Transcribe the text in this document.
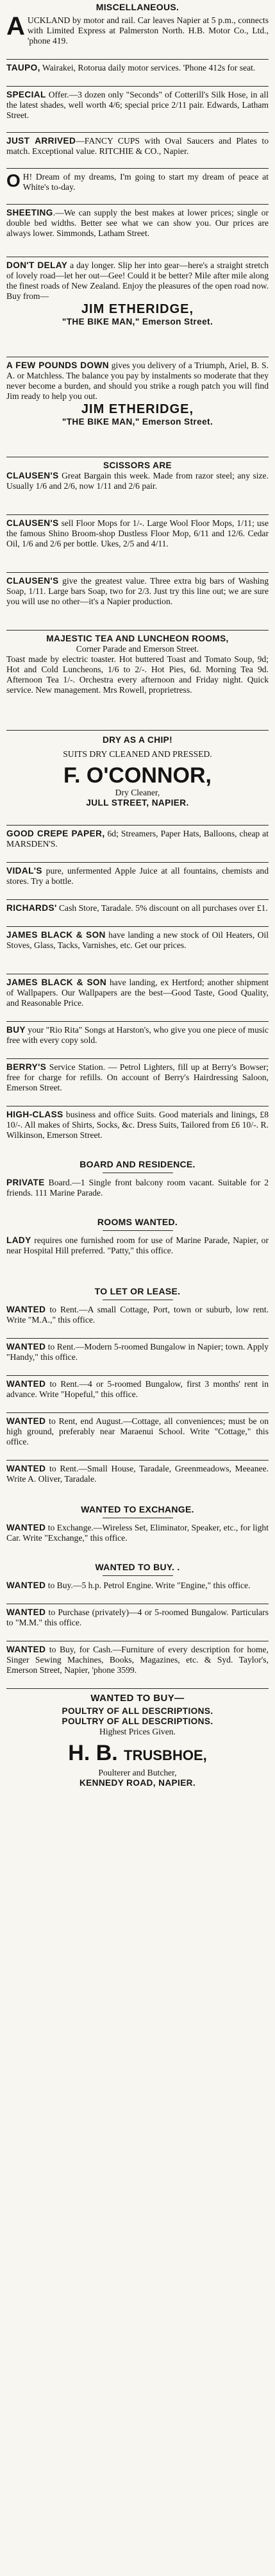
MISCELLANEOUS.
A UCKLAND by motor and rail. Car leaves Napier at 5 p.m., connects with Limited Express at Palmerston North. H.B. Motor Co., Ltd., 'phone 419.

TAUPO, Wairakei, Rotorua daily motor services. 'Phone 412s for seat.

SPECIAL Offer.—3 dozen only "Seconds" of Cotterill's Silk Hose, in all the latest shades, well worth 4/6; special price 2/11 pair. Edwards, Latham Street.

JUST ARRIVED—FANCY CUPS with Oval Saucers and Plates to match. Exceptional value. RITCHIE & CO., Napier.

O H! Dream of my dreams, I'm going to start my dream of peace at White's to-day.

SHEETING.—We can supply the best makes at lower prices; single or double bed widths. Better see what we can show you. Our prices are always lower. Simmonds, Latham Street.

DON'T DELAY a day longer. Slip her into gear—here's a straight stretch of lovely road—let her out—Gee! Could it be better? Mile after mile along the finest roads of New Zealand. Enjoy the pleasures of the open road now. Buy from—

JIM ETHERIDGE,

"THE BIKE MAN," Emerson Street.

A FEW POUNDS DOWN gives you delivery of a Triumph, Ariel, B. S. A. or Matchless. The balance you pay by instalments so moderate that they never become a burden, and should you strike a rough patch you will find Jim ready to help you out.

JIM ETHERIDGE,

"THE BIKE MAN," Emerson Street.

SCISSORS ARE

CLAUSEN'S Great Bargain this week. Made from razor steel; any size. Usually 1/6 and 2/6, now 1/11 and 2/6 pair.

CLAUSEN'S sell Floor Mops for 1/-. Large Wool Floor Mops, 1/11; use the famous Shino Broom-shop Dustless Floor Mop, 6/11 and 12/6. Cedar Oil, 1/6 and 2/6 per bottle. Ukes, 2/5 and 4/11.

CLAUSEN'S give the greatest value. Three extra big bars of Washing Soap, 1/11. Large bars Soap, two for 2/3. Just try this line out; we are sure you will use no other—it's a Napier production.

MAJESTIC TEA AND LUNCHEON ROOMS,

Corner Parade and Emerson Street.

Toast made by electric toaster. Hot buttered Toast and Tomato Soup, 9d; Hot and Cold Luncheons, 1/6 to 2/-. Hot Pies, 6d. Morning Tea 9d. Afternoon Tea 1/-. Orchestra every afternoon and Friday night. Quick service. New management. Mrs Rowell, proprietress.

DRY AS A CHIP!

SUITS DRY CLEANED AND PRESSED.

F. O'CONNOR,

Dry Cleaner,

JULL STREET, NAPIER.

GOOD CREPE PAPER, 6d; Streamers, Paper Hats, Balloons, cheap at MARSDEN'S.

VIDAL'S pure, unfermented Apple Juice at all fountains, chemists and stores. Try a bottle.

RICHARDS' Cash Store, Taradale. 5% discount on all purchases over £1.

JAMES BLACK & SON have landing a new stock of Oil Heaters, Oil Stoves, Glass, Tacks, Varnishes, etc. Get our prices.

JAMES BLACK & SON have landing, ex Hertford; another shipment of Wallpapers. Our Wallpapers are the best—Good Taste, Good Quality, and Reasonable Price.

BUY your "Rio Rita" Songs at Harston's, who give you one piece of music free with every copy sold.

BERRY'S Service Station. — Petrol Lighters, fill up at Berry's Bowser; free for charge for refills. On account of Berry's Hairdressing Saloon, Emerson Street.

HIGH-CLASS business and office Suits. Good materials and linings, £8 10/-. All makes of Shirts, Socks, &c. Dress Suits, Tailored from £6 10/-. R. Wilkinson, Emerson Street.

BOARD AND RESIDENCE.

PRIVATE Board.—1 Single front balcony room vacant. Suitable for 2 friends. 111 Marine Parade.

ROOMS WANTED.

LADY requires one furnished room for use of Marine Parade, Napier, or near Hospital Hill preferred. "Patty," this office.

TO LET OR LEASE.

WANTED to Rent.—A small Cottage, Port, town or suburb, low rent. Write "M.A.," this office.

WANTED to Rent.—Modern 5-roomed Bungalow in Napier; town. Apply "Handy," this office.

WANTED to Rent.—4 or 5-roomed Bungalow, first 3 months' rent in advance. Write "Hopeful," this office.

WANTED to Rent, end August.—Cottage, all conveniences; must be on high ground, preferably near Maraenui School. Write "Cottage," this office.

WANTED to Rent.—Small House, Taradale, Greenmeadows, Meeanee. Write A. Oliver, Taradale.

WANTED TO EXCHANGE.

WANTED to Exchange.—Wireless Set, Eliminator, Speaker, etc., for light Car. Write "Exchange," this office.

WANTED TO BUY. .

WANTED to Buy.—5 h.p. Petrol Engine. Write "Engine," this office.

WANTED to Purchase (privately)—4 or 5-roomed Bungalow. Particulars to "M.M." this office.

WANTED to Buy, for Cash.—Furniture of every description for home, Singer Sewing Machines, Books, Magazines, etc. & Syd. Taylor's, Emerson Street, Napier, 'phone 3599.

WANTED TO BUY—

POULTRY OF ALL DESCRIPTIONS.

POULTRY OF ALL DESCRIPTIONS.

Highest Prices Given.

H. B. TRUSBHOE,

Poulterer and Butcher,

KENNEDY ROAD, NAPIER.
